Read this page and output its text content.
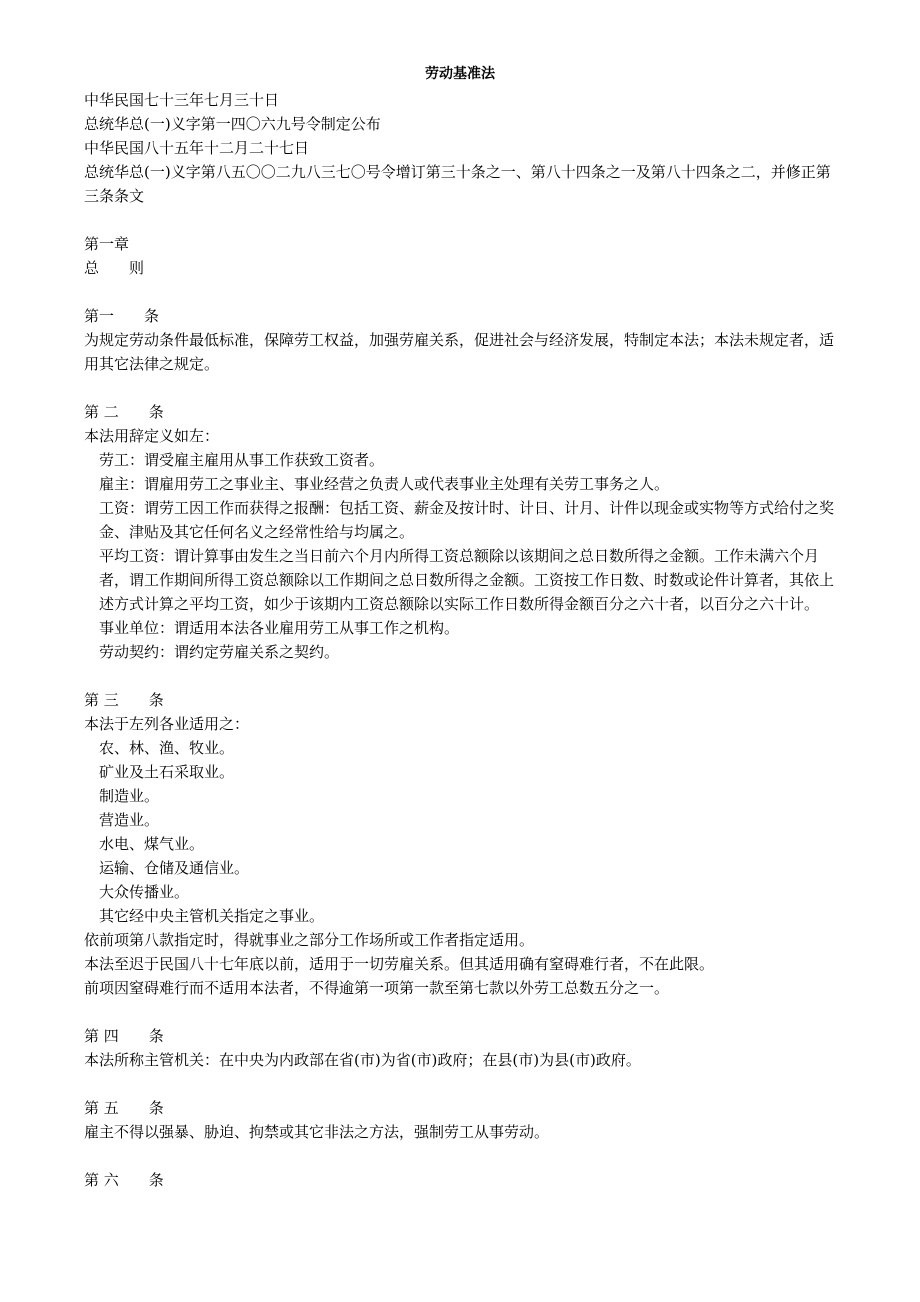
劳动基准法

中华民国七十三年七月三十日

总统华总(一)义字第一四〇六九号令制定公布

中华民国八十五年十二月二十七日

总统华总(一)义字第八五〇〇二九八三七〇号令增订第三十条之一、第八十四条之一及第八十四条之二，并修正第三条条文

第一章

总　　则

第一　　条

为规定劳动条件最低标准，保障劳工权益，加强劳雇关系，促进社会与经济发展，特制定本法；本法未规定者，适用其它法律之规定。

第 二　　条

本法用辞定义如左：

劳工：谓受雇主雇用从事工作获致工资者。

雇主：谓雇用劳工之事业主、事业经营之负责人或代表事业主处理有关劳工事务之人。

工资：谓劳工因工作而获得之报酬：包括工资、薪金及按计时、计日、计月、计件以现金或实物等方式给付之奖金、津贴及其它任何名义之经常性给与均属之。

平均工资：谓计算事由发生之当日前六个月内所得工资总额除以该期间之总日数所得之金额。工作未满六个月者，谓工作期间所得工资总额除以工作期间之总日数所得之金额。工资按工作日数、时数或论件计算者，其依上述方式计算之平均工资，如少于该期内工资总额除以实际工作日数所得金额百分之六十者，以百分之六十计。

事业单位：谓适用本法各业雇用劳工从事工作之机构。

劳动契约：谓约定劳雇关系之契约。

第 三　　条

本法于左列各业适用之：

农、林、渔、牧业。

矿业及土石采取业。

制造业。

营造业。

水电、煤气业。

运输、仓储及通信业。

大众传播业。

其它经中央主管机关指定之事业。

依前项第八款指定时，得就事业之部分工作场所或工作者指定适用。

本法至迟于民国八十七年底以前，适用于一切劳雇关系。但其适用确有窒碍难行者，不在此限。

前项因窒碍难行而不适用本法者，不得逾第一项第一款至第七款以外劳工总数五分之一。

第 四　　条

本法所称主管机关：在中央为内政部在省(市)为省(市)政府；在县(市)为县(市)政府。

第 五　　条

雇主不得以强暴、胁迫、拘禁或其它非法之方法，强制劳工从事劳动。

第 六　　条
